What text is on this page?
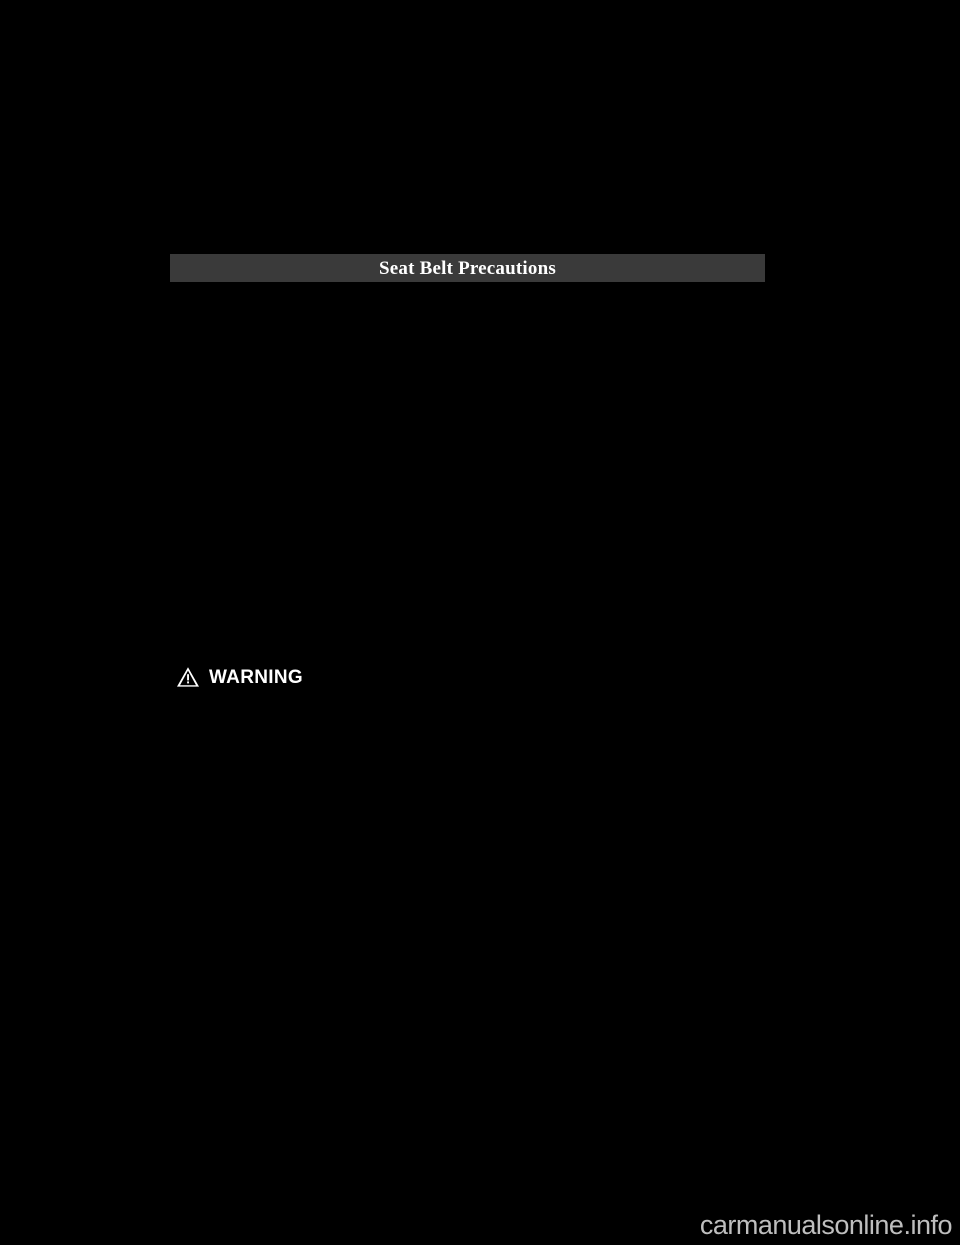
Seat Belt Precautions
WARNING
carmanualsonline.info
